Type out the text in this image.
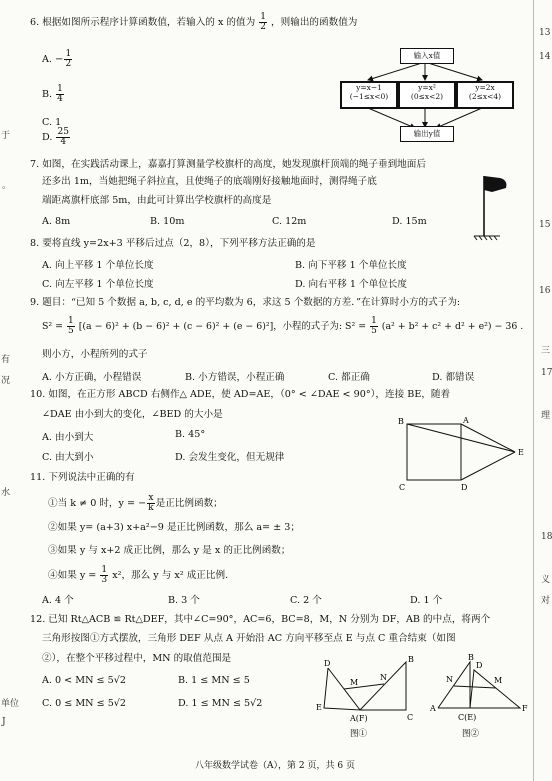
13
14
15
16
三
17
理
18
义
对
于
。
有
况
水
单位
J
6. 根据如图所示程序计算函数值，若输入的 x 的值为 $\frac{1}{2}$ ，则输出的函数值为
A. − $\frac{1}{2}$
B. $\frac{1}{4}$
C. 1
D. $\frac{25}{4}$
输入x值
y=x−1
(−1≤x<0)
y=x²
(0≤x<2)
y=2x
(2≤x<4)
输出y值
7. 如图，在实践活动课上，嘉嘉打算测量学校旗杆的高度，她发现旗杆顶端的绳子垂到地面后
还多出 1m，当她把绳子斜拉直，且使绳子的底端刚好接触地面时，测得绳子底
端距离旗杆底部 5m，由此可计算出学校旗杆的高度是
A. 8m	B. 10m	C. 12m	D. 15m
8. 要将直线 y=2x+3 平移后过点（2，8），下列平移方法正确的是
A. 向上平移 1 个单位长度	B. 向下平移 1 个单位长度
C. 向左平移 1 个单位长度	D. 向右平移 1 个单位长度
9. 题目：“已知 5 个数据 a, b, c, d, e 的平均数为 6，求这 5 个数据的方差．”在计算时小方的式子为:
$S^2 = \frac{1}{5} [(a - 6)^2 + (b - 6)^2 + (c - 6)^2 + (e - 6)^2]$，小程的式子为: $S^2 = \frac{1}{5} (a^2 + b^2 + c^2 + d^2 + e^2) - 36$ .
则小方，小程所列的式子
A. 小方正确，小程错误	B. 小方错误，小程正确	C. 都正确	D. 都错误
10. 如图，在正方形 ABCD 右侧作△ ADE，使 AD=AE，（0° < ∠DAE < 90°），连接 BE，随着
∠DAE 由小到大的变化，∠BED 的大小是
A. 由小到大	B. 45°
C. 由大到小	D. 会发生变化，但无规律
B	A
C	D
E
11. 下列说法中正确的有
①当 k ≠ 0 时，y = − $\frac{x}{k}$ 是正比例函数；
②如果 y= (a+3) x+a²−9 是正比例函数，那么 a= ± 3；
③如果 y 与 x+2 成正比例，那么 y 是 x 的正比例函数；
④如果 $y = \frac{1}{3} x^2$，那么 y 与 x² 成正比例．
A. 4 个	B. 3 个	C. 2 个	D. 1 个
12. 已知 Rt△ACB ≌ Rt△DEF，其中∠C=90°，AC=6，BC=8，M，N 分别为 DF，AB 的中点，将两个
三角形按图①方式摆放，三角形 DEF 从点 A 开始沿 AC 方向平移至点 E 与点 C 重合结束（如图
②），在整个平移过程中，MN 的取值范围是
A. 0 < MN ≤ 5√2	B. 1 ≤ MN ≤ 5
C. 0 ≤ MN ≤ 5√2	D. 1 ≤ MN ≤ 5√2
D	B
M
N
E
A(F)	C
图①
B
D
N	M
A
C(E)
F
图②
八年级数学试卷（A），第 2 页，共 6 页
